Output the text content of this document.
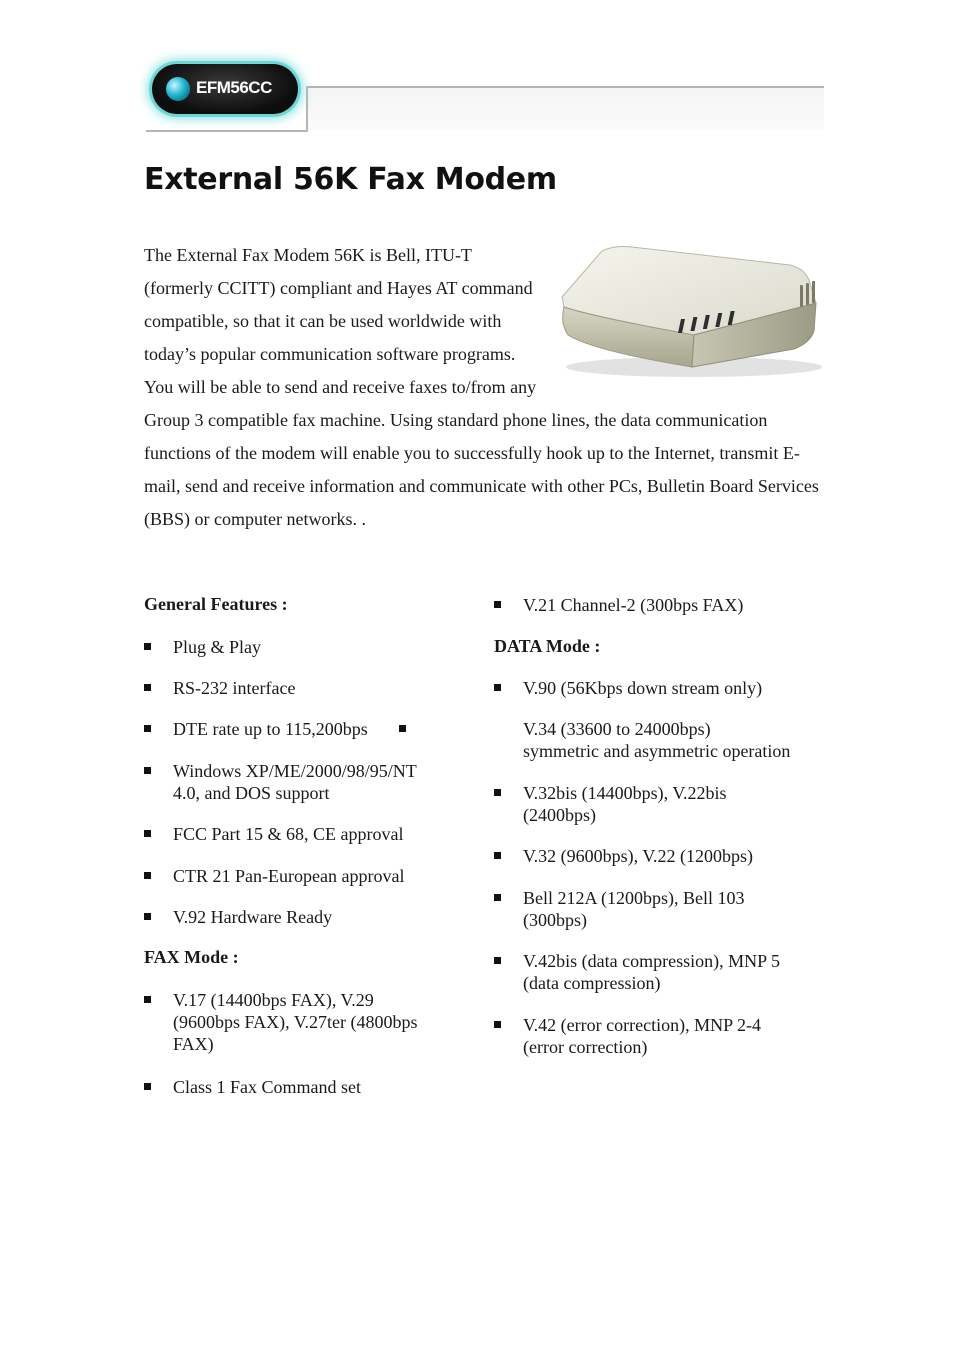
EFM56CC
External 56K Fax Modem

The External Fax Modem 56K is Bell, ITU-T (formerly CCITT) compliant and Hayes AT command compatible, so that it can be used worldwide with today’s popular communication software programs. You will be able to send and receive faxes to/from any Group 3 compatible fax machine. Using standard phone lines, the data communication functions of the modem will enable you to successfully hook up to the Internet, transmit E-mail, send and receive information and communicate with other PCs, Bulletin Board Services (BBS) or computer networks. .

General Features :
Plug & Play
RS-232 interface
DTE rate up to 115,200bps
Windows XP/ME/2000/98/95/NT
4.0, and DOS support
FCC Part 15 & 68, CE approval
CTR 21 Pan-European approval
V.92 Hardware Ready
FAX Mode :
V.17 (14400bps FAX), V.29
(9600bps FAX), V.27ter (4800bps
FAX)
Class 1 Fax Command set
V.21 Channel-2 (300bps FAX)
DATA Mode :
V.90 (56Kbps down stream only)
V.34 (33600 to 24000bps)
symmetric and asymmetric operation
V.32bis (14400bps), V.22bis
(2400bps)
V.32 (9600bps), V.22 (1200bps)
Bell 212A (1200bps), Bell 103
(300bps)
V.42bis (data compression), MNP 5
(data compression)
V.42 (error correction), MNP 2-4
(error correction)
